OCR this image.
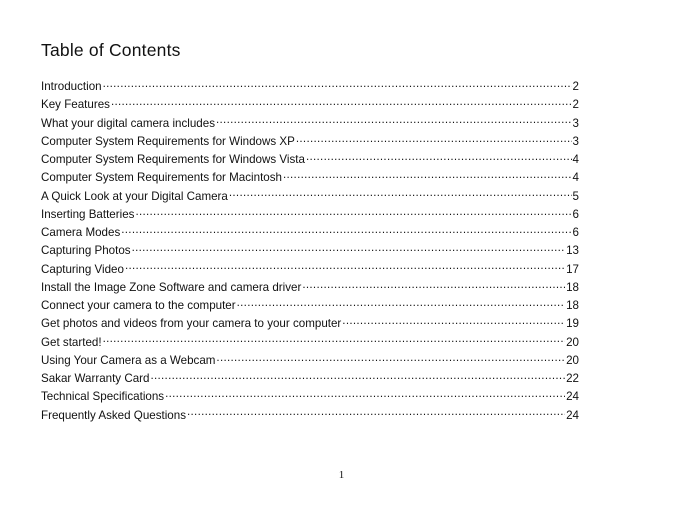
Table of Contents
Introduction .....	2
Key Features .....	2
What your digital camera includes .....	3
Computer System Requirements for Windows XP .....	3
Computer System Requirements for Windows Vista .....	4
Computer System Requirements for Macintosh .....	4
A Quick Look at your Digital Camera .....	5
Inserting Batteries .....	6
Camera Modes .....	6
Capturing Photos .....	13
Capturing Video .....	17
Install the Image Zone Software and camera driver .....	18
Connect your camera to the computer .....	18
Get photos and videos from your camera to your computer .....	19
Get started! .....	20
Using Your Camera as a Webcam .....	20
Sakar Warranty Card .....	22
Technical Specifications .....	24
Frequently Asked Questions .....	24
1
